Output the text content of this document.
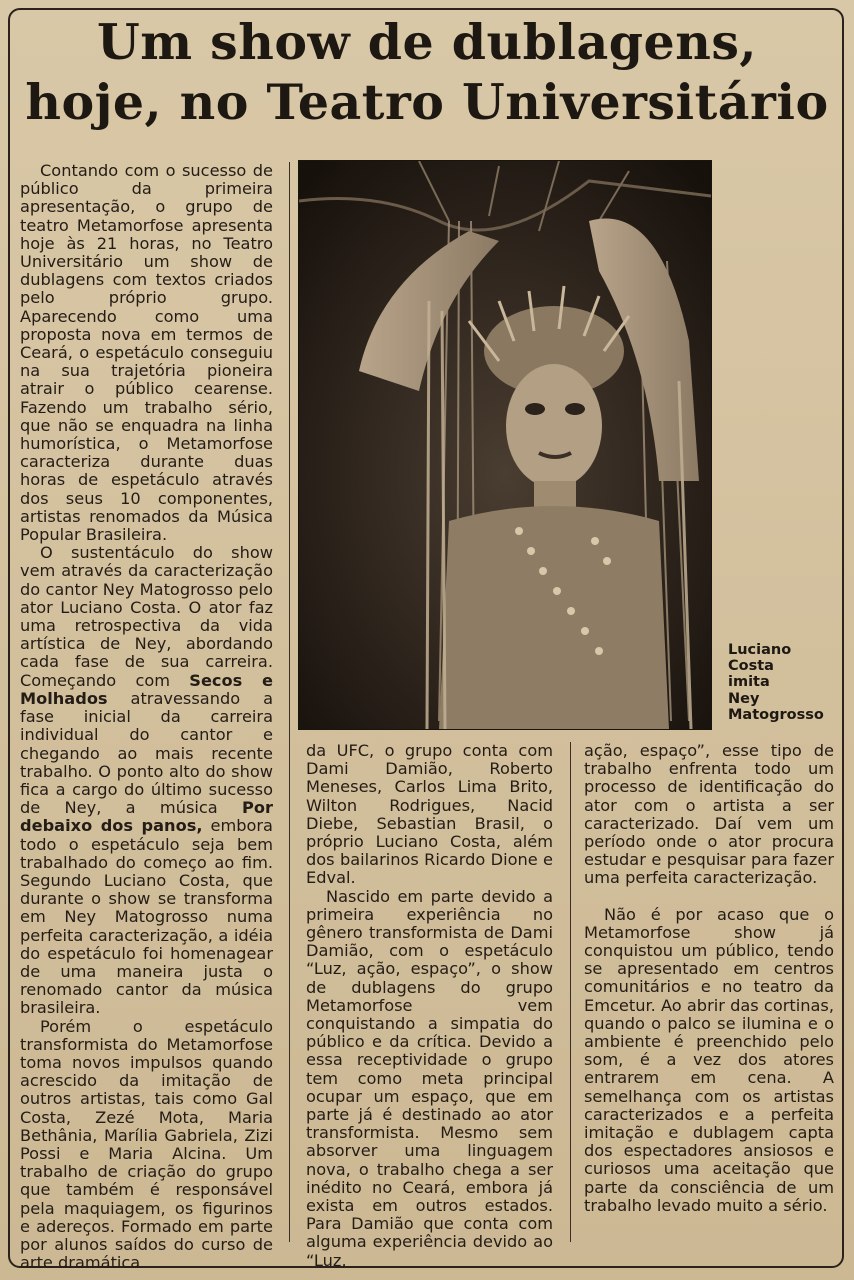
Um show de dublagens,
hoje, no Teatro Universitário

Contando com o sucesso de público da primeira apresentação, o grupo de teatro Metamorfose apresenta hoje às 21 horas, no Teatro Universitário um show de dublagens com textos criados pelo próprio grupo. Aparecendo como uma proposta nova em termos de Ceará, o espetáculo conseguiu na sua trajetória pioneira atrair o público cearense. Fazendo um trabalho sério, que não se enquadra na linha humorística, o Metamorfose caracteriza durante duas horas de espetáculo através dos seus 10 componentes, artistas renomados da Música Popular Brasileira.

O sustentáculo do show vem através da caracterização do cantor Ney Matogrosso pelo ator Luciano Costa. O ator faz uma retrospectiva da vida artística de Ney, abordando cada fase de sua carreira. Começando com Secos e Molhados atravessando a fase inicial da carreira individual do cantor e chegando ao mais recente trabalho. O ponto alto do show fica a cargo do último sucesso de Ney, a música Por debaixo dos panos, embora todo o espetáculo seja bem trabalhado do começo ao fim. Segundo Luciano Costa, que durante o show se transforma em Ney Matogrosso numa perfeita caracterização, a idéia do espetáculo foi homenagear de uma maneira justa o renomado cantor da música brasileira.

Porém o espetáculo transformista do Metamorfose toma novos impulsos quando acrescido da imitação de outros artistas, tais como Gal Costa, Zezé Mota, Maria Bethânia, Marília Gabriela, Zizi Possi e Maria Alcina. Um trabalho de criação do grupo que também é responsável pela maquiagem, os figurinos e adereços. Formado em parte por alunos saídos do curso de arte dramática

Luciano
Costa
imita
Ney
Matogrosso

da UFC, o grupo conta com Dami Damião, Roberto Meneses, Carlos Lima Brito, Wilton Rodrigues, Nacid Diebe, Sebastian Brasil, o próprio Luciano Costa, além dos bailarinos Ricardo Dione e Edval.

Nascido em parte devido a primeira experiência no gênero transformista de Dami Damião, com o espetáculo “Luz, ação, espaço”, o show de dublagens do grupo Metamorfose vem conquistando a simpatia do público e da crítica. Devido a essa receptividade o grupo tem como meta principal ocupar um espaço, que em parte já é destinado ao ator transformista. Mesmo sem absorver uma linguagem nova, o trabalho chega a ser inédito no Ceará, embora já exista em outros estados. Para Damião que conta com alguma experiência devido ao “Luz,

ação, espaço”, esse tipo de trabalho enfrenta todo um processo de identificação do ator com o artista a ser caracterizado. Daí vem um período onde o ator procura estudar e pesquisar para fazer uma perfeita caracterização.

Não é por acaso que o Metamorfose show já conquistou um público, tendo se apresentado em centros comunitários e no teatro da Emcetur. Ao abrir das cortinas, quando o palco se ilumina e o ambiente é preenchido pelo som, é a vez dos atores entrarem em cena. A semelhança com os artistas caracterizados e a perfeita imitação e dublagem capta dos espectadores ansiosos e curiosos uma aceitação que parte da consciência de um trabalho levado muito a sério.
